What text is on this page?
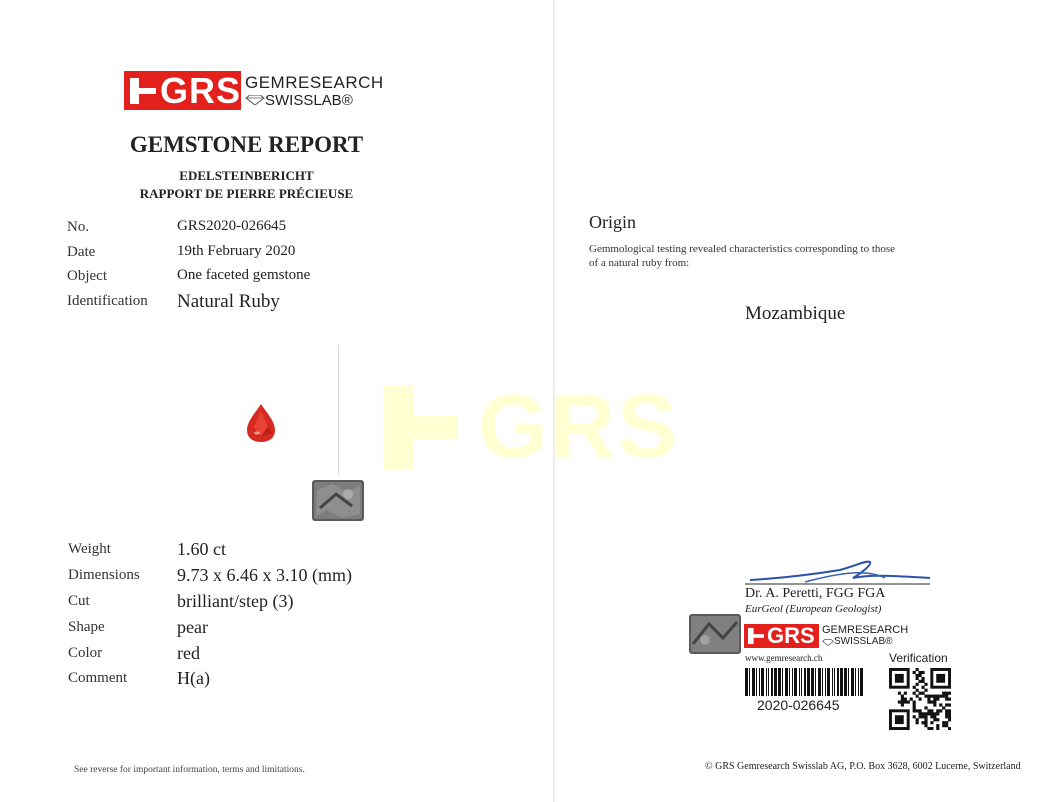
GRS GEMRESEARCH
SWISSLAB®
GEMSTONE REPORT
EDELSTEINBERICHT
RAPPORT DE PIERRE PRÉCIEUSE
No.	GRS2020-026645
Date	19th February 2020
Object	One faceted gemstone
Identification Natural Ruby
Weight	1.60 ct
Dimensions 9.73 x 6.46 x 3.10 (mm)
Cut	brilliant/step (3)
Shape	pear
Color	red
Comment	H(a)
See reverse for important information, terms and limitations.
GRS
Origin
Gemmological testing revealed characteristics corresponding to those
of a natural ruby from:
Mozambique
Dr. A. Peretti, FGG FGA
EurGeol (European Geologist)
GRS GEMRESEARCH
SWISSLAB®
www.gemresearch.ch	Verification
2020-026645
© GRS Gemresearch Swisslab AG, P.O. Box 3628, 6002 Lucerne, Switzerland
